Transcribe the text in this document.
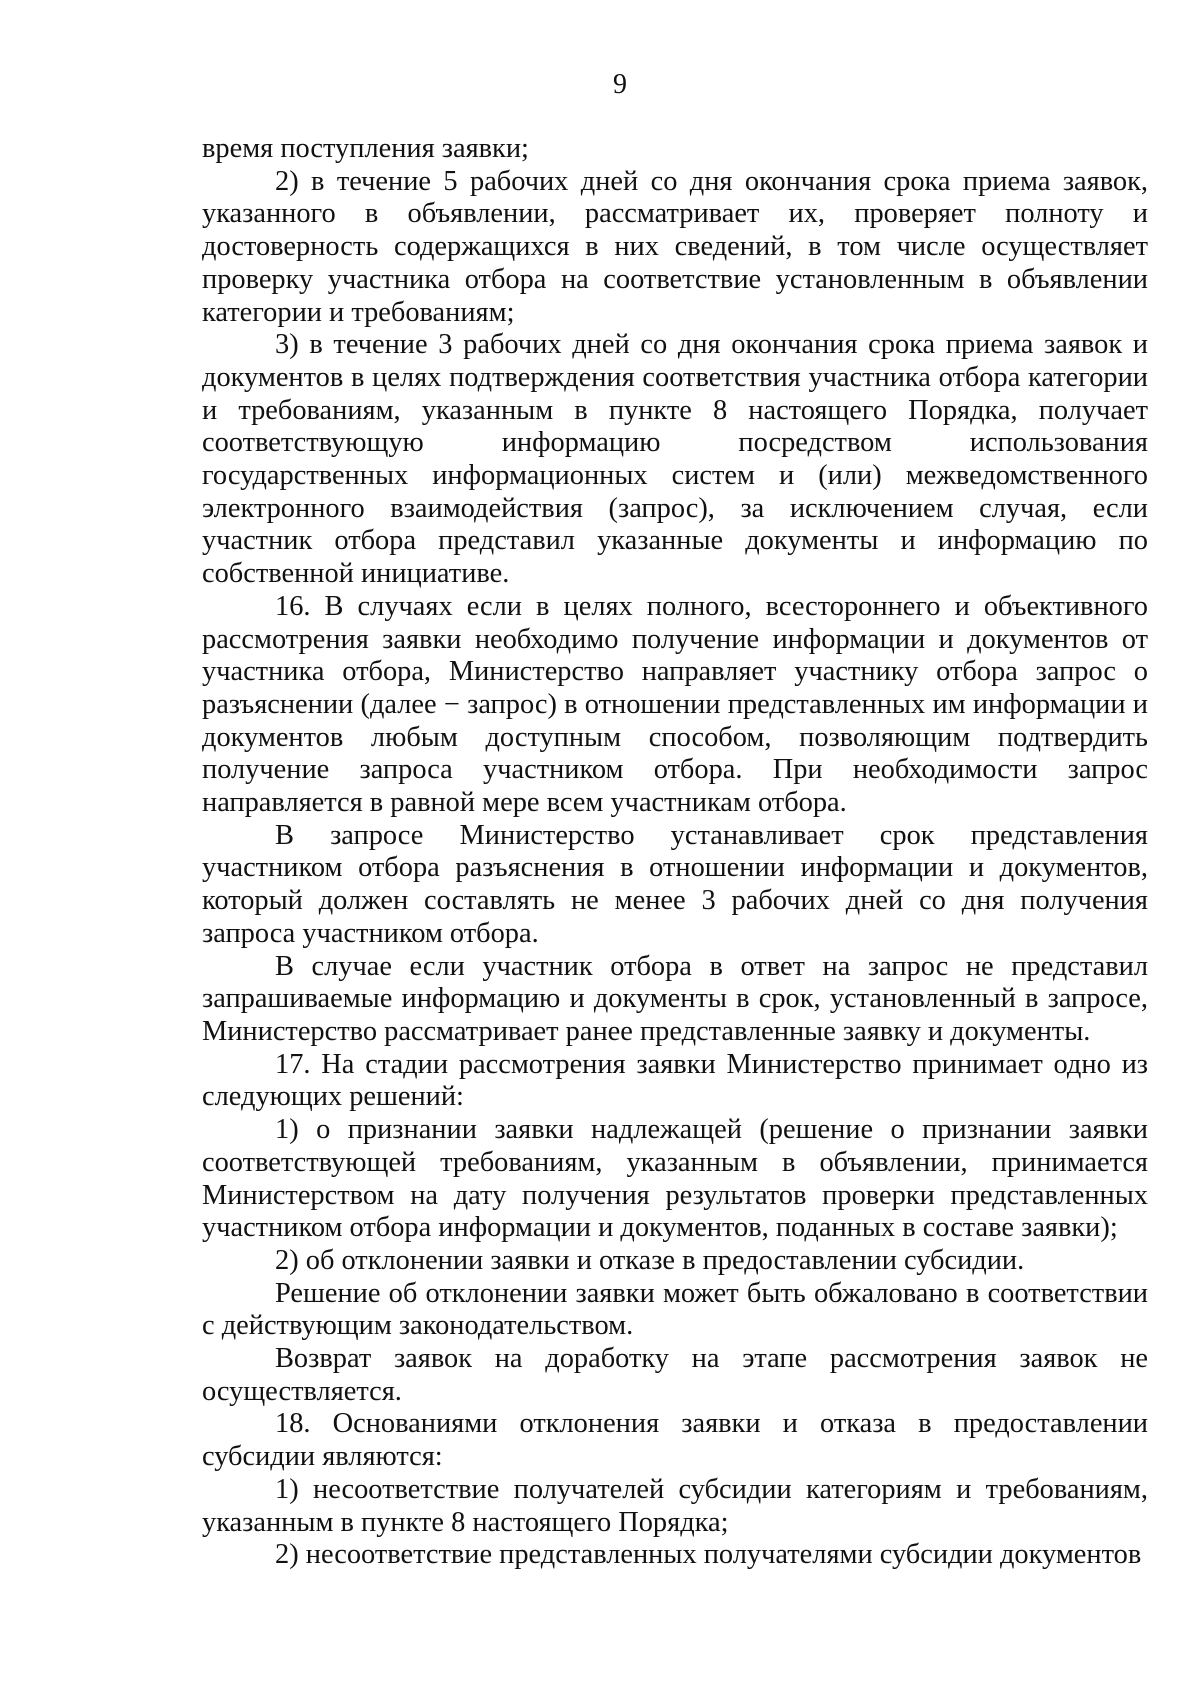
9

время поступления заявки;

2) в течение 5 рабочих дней со дня окончания срока приема заявок, указанного в объявлении, рассматривает их, проверяет полноту и достоверность содержащихся в них сведений, в том числе осуществляет проверку участника отбора на соответствие установленным в объявлении категории и требованиям;

3) в течение 3 рабочих дней со дня окончания срока приема заявок и документов в целях подтверждения соответствия участника отбора категории и требованиям, указанным в пункте 8 настоящего Порядка, получает соответствующую информацию посредством использования государственных информационных систем и (или) межведомственного электронного взаимодействия (запрос), за исключением случая, если участник отбора представил указанные документы и информацию по собственной инициативе.

16. В случаях если в целях полного, всестороннего и объективного рассмотрения заявки необходимо получение информации и документов от участника отбора, Министерство направляет участнику отбора запрос о разъяснении (далее − запрос) в отношении представленных им информации и документов любым доступным способом, позволяющим подтвердить получение запроса участником отбора. При необходимости запрос направляется в равной мере всем участникам отбора.

В запросе Министерство устанавливает срок представления участником отбора разъяснения в отношении информации и документов, который должен составлять не менее 3 рабочих дней со дня получения запроса участником отбора.

В случае если участник отбора в ответ на запрос не представил запрашиваемые информацию и документы в срок, установленный в запросе, Министерство рассматривает ранее представленные заявку и документы.

17. На стадии рассмотрения заявки Министерство принимает одно из следующих решений:

1) о признании заявки надлежащей (решение о признании заявки соответствующей требованиям, указанным в объявлении, принимается Министерством на дату получения результатов проверки представленных участником отбора информации и документов, поданных в составе заявки);

2) об отклонении заявки и отказе в предоставлении субсидии.

Решение об отклонении заявки может быть обжаловано в соответствии с действующим законодательством.

Возврат заявок на доработку на этапе рассмотрения заявок не осуществляется.

18. Основаниями отклонения заявки и отказа в предоставлении субсидии являются:

1) несоответствие получателей субсидии категориям и требованиям, указанным в пункте 8 настоящего Порядка;

2) несоответствие представленных получателями субсидии документов
